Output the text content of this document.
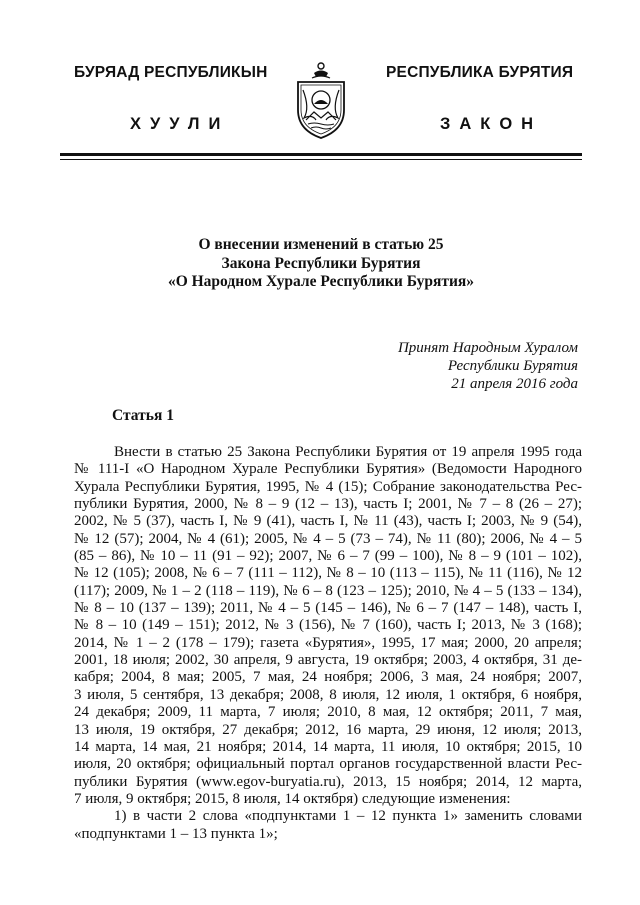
БУРЯАД РЕСПУБЛИКЫН	РЕСПУБЛИКА БУРЯТИЯ
ХУУЛИ	ЗАКОН
О внесении изменений в статью 25
Закона Республики Бурятия
«О Народном Хурале Республики Бурятия»
Принят Народным Хуралом
Республики Бурятия
21 апреля 2016 года
Статья 1
Внести в статью 25 Закона Республики Бурятия от 19 апреля 1995 года
№ 111-I «О Народном Хурале Республики Бурятия» (Ведомости Народного
Хурала Республики Бурятия, 1995, № 4 (15); Собрание законодательства Рес-
публики Бурятия, 2000, № 8 – 9 (12 – 13), часть I; 2001, № 7 – 8 (26 – 27);
2002, № 5 (37), часть I, № 9 (41), часть I, № 11 (43), часть I; 2003, № 9 (54),
№ 12 (57); 2004, № 4 (61); 2005, № 4 – 5 (73 – 74), № 11 (80); 2006, № 4 – 5
(85 – 86), № 10 – 11 (91 – 92); 2007, № 6 – 7 (99 – 100), № 8 – 9 (101 – 102),
№ 12 (105); 2008, № 6 – 7 (111 – 112), № 8 – 10 (113 – 115), № 11 (116), № 12
(117); 2009, № 1 – 2 (118 – 119), № 6 – 8 (123 – 125); 2010, № 4 – 5 (133 – 134),
№ 8 – 10 (137 – 139); 2011, № 4 – 5 (145 – 146), № 6 – 7 (147 – 148), часть I,
№ 8 – 10 (149 – 151); 2012, № 3 (156), № 7 (160), часть I; 2013, № 3 (168);
2014, № 1 – 2 (178 – 179); газета «Бурятия», 1995, 17 мая; 2000, 20 апреля;
2001, 18 июля; 2002, 30 апреля, 9 августа, 19 октября; 2003, 4 октября, 31 де-
кабря; 2004, 8 мая; 2005, 7 мая, 24 ноября; 2006, 3 мая, 24 ноября; 2007,
3 июля, 5 сентября, 13 декабря; 2008, 8 июля, 12 июля, 1 октября, 6 ноября,
24 декабря; 2009, 11 марта, 7 июля; 2010, 8 мая, 12 октября; 2011, 7 мая,
13 июля, 19 октября, 27 декабря; 2012, 16 марта, 29 июня, 12 июля; 2013,
14 марта, 14 мая, 21 ноября; 2014, 14 марта, 11 июля, 10 октября; 2015, 10
июля, 20 октября; официальный портал органов государственной власти Рес-
публики Бурятия (www.egov-buryatia.ru), 2013, 15 ноября; 2014, 12 марта,
7 июля, 9 октября; 2015, 8 июля, 14 октября) следующие изменения:
1) в части 2 слова «подпунктами 1 – 12 пункта 1» заменить словами
«подпунктами 1 – 13 пункта 1»;
